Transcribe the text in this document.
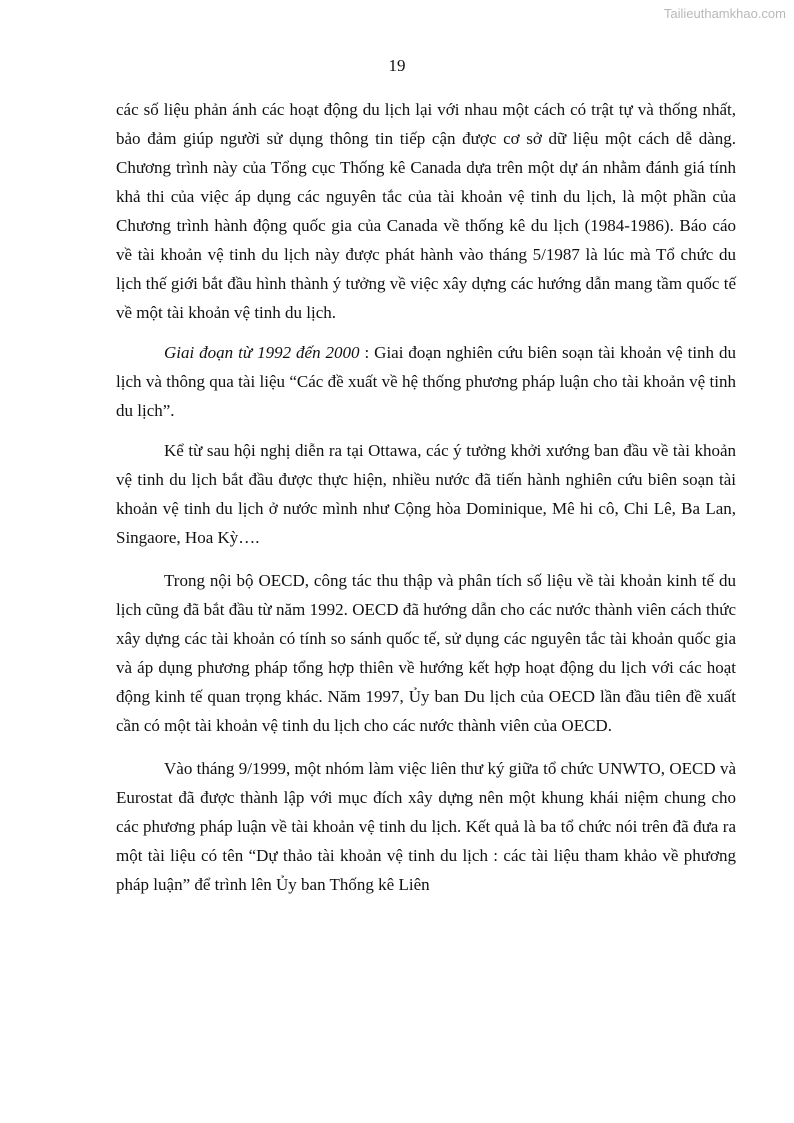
Tailieuthamkhao.com
19

các số liệu phản ánh các hoạt động du lịch lại với nhau một cách có trật tự và thống nhất, bảo đảm giúp người sử dụng thông tin tiếp cận được cơ sở dữ liệu một cách dễ dàng. Chương trình này của Tổng cục Thống kê Canada dựa trên một dự án nhằm đánh giá tính khả thi của việc áp dụng các nguyên tắc của tài khoản vệ tinh du lịch, là một phần của Chương trình hành động quốc gia của Canada về thống kê du lịch (1984-1986). Báo cáo về tài khoản vệ tinh du lịch này được phát hành vào tháng 5/1987 là lúc mà Tổ chức du lịch thế giới bắt đầu hình thành ý tưởng về việc xây dựng các hướng dẫn mang tầm quốc tế về một tài khoản vệ tinh du lịch.

Giai đoạn từ 1992 đến 2000 : Giai đoạn nghiên cứu biên soạn tài khoản vệ tinh du lịch và thông qua tài liệu “Các đề xuất về hệ thống phương pháp luận cho tài khoản vệ tinh du lịch”.

Kể từ sau hội nghị diễn ra tại Ottawa, các ý tưởng khởi xướng ban đầu về tài khoản vệ tinh du lịch bắt đầu được thực hiện, nhiều nước đã tiến hành nghiên cứu biên soạn tài khoản vệ tinh du lịch ở nước mình như Cộng hòa Dominique, Mê hi cô, Chi Lê, Ba Lan, Singaore, Hoa Kỳ….

Trong nội bộ OECD, công tác thu thập và phân tích số liệu về tài khoản kinh tế du lịch cũng đã bắt đầu từ năm 1992. OECD đã hướng dẫn cho các nước thành viên cách thức xây dựng các tài khoản có tính so sánh quốc tế, sử dụng các nguyên tắc tài khoản quốc gia và áp dụng phương pháp tổng hợp thiên về hướng kết hợp hoạt động du lịch với các hoạt động kinh tế quan trọng khác. Năm 1997, Ủy ban Du lịch của OECD lần đầu tiên đề xuất cần có một tài khoản vệ tinh du lịch cho các nước thành viên của OECD.

Vào tháng 9/1999, một nhóm làm việc liên thư ký giữa tổ chức UNWTO, OECD và Eurostat đã được thành lập với mục đích xây dựng nên một khung khái niệm chung cho các phương pháp luận về tài khoản vệ tinh du lịch. Kết quả là ba tổ chức nói trên đã đưa ra một tài liệu có tên “Dự thảo tài khoản vệ tinh du lịch : các tài liệu tham khảo về phương pháp luận” để trình lên Ủy ban Thống kê Liên
